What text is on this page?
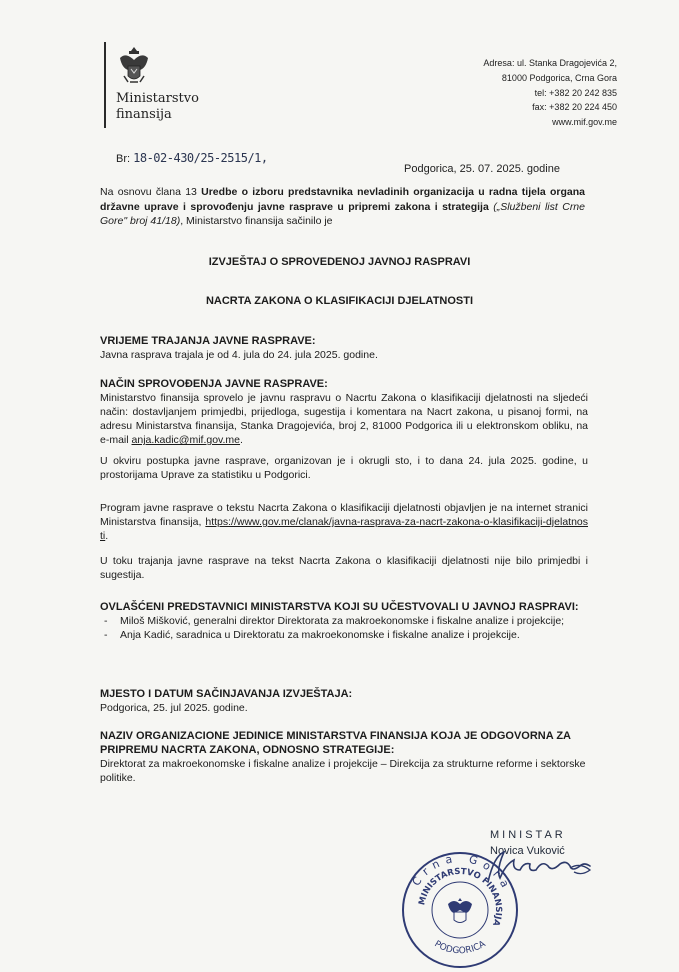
Ministarstvo
finansija
Adresa: ul. Stanka Dragojevića 2,
81000 Podgorica, Crna Gora
tel: +382 20 242 835
fax: +382 20 224 450
www.mif.gov.me
Br: 18-02-430/25-2515/1,
Podgorica, 25. 07. 2025. godine
Na osnovu člana 13 Uredbe o izboru predstavnika nevladinih organizacija u radna tijela organa državne uprave i sprovođenju javne rasprave u pripremi zakona i strategija („Službeni list Crne Gore" broj 41/18), Ministarstvo finansija sačinilo je
IZVJEŠTAJ O SPROVEDENOJ JAVNOJ RASPRAVI
NACRTA ZAKONA O KLASIFIKACIJI DJELATNOSTI
VRIJEME TRAJANJA JAVNE RASPRAVE:
Javna rasprava trajala je od 4. jula do 24. jula 2025. godine.
NAČIN SPROVOĐENJA JAVNE RASPRAVE:
Ministarstvo finansija sprovelo je javnu raspravu o Nacrtu Zakona o klasifikaciji djelatnosti na sljedeći način: dostavljanjem primjedbi, prijedloga, sugestija i komentara na Nacrt zakona, u pisanoj formi, na adresu Ministarstva finansija, Stanka Dragojevića, broj 2, 81000 Podgorica ili u elektronskom obliku, na e-mail anja.kadic@mif.gov.me.
U okviru postupka javne rasprave, organizovan je i okrugli sto, i to dana 24. jula 2025. godine, u prostorijama Uprave za statistiku u Podgorici.
Program javne rasprave o tekstu Nacrta Zakona o klasifikaciji djelatnosti objavljen je na internet stranici Ministarstva finansija, https://www.gov.me/clanak/javna-rasprava-za-nacrt-zakona-o-klasifikaciji-djelatnosti.
U toku trajanja javne rasprave na tekst Nacrta Zakona o klasifikaciji djelatnosti nije bilo primjedbi i sugestija.
OVLAŠĆENI PREDSTAVNICI MINISTARSTVA KOJI SU UČESTVOVALI U JAVNOJ RASPRAVI:
- Miloš Mišković, generalni direktor Direktorata za makroekonomske i fiskalne analize i projekcije;
- Anja Kadić, saradnica u Direktoratu za makroekonomske i fiskalne analize i projekcije.
MJESTO I DATUM SAČINJAVANJA IZVJEŠTAJA:
Podgorica, 25. jul 2025. godine.
NAZIV ORGANIZACIONE JEDINICE MINISTARSTVA FINANSIJA KOJA JE ODGOVORNA ZA PRIPREMU NACRTA ZAKONA, ODNOSNO STRATEGIJE:
Direktorat za makroekonomske i fiskalne analize i projekcije – Direkcija za strukturne reforme i sektorske politike.
MINISTAR
Novica Vuković
Crna Gora
MINISTARSTVO FINANSIJA
PODGORICA
